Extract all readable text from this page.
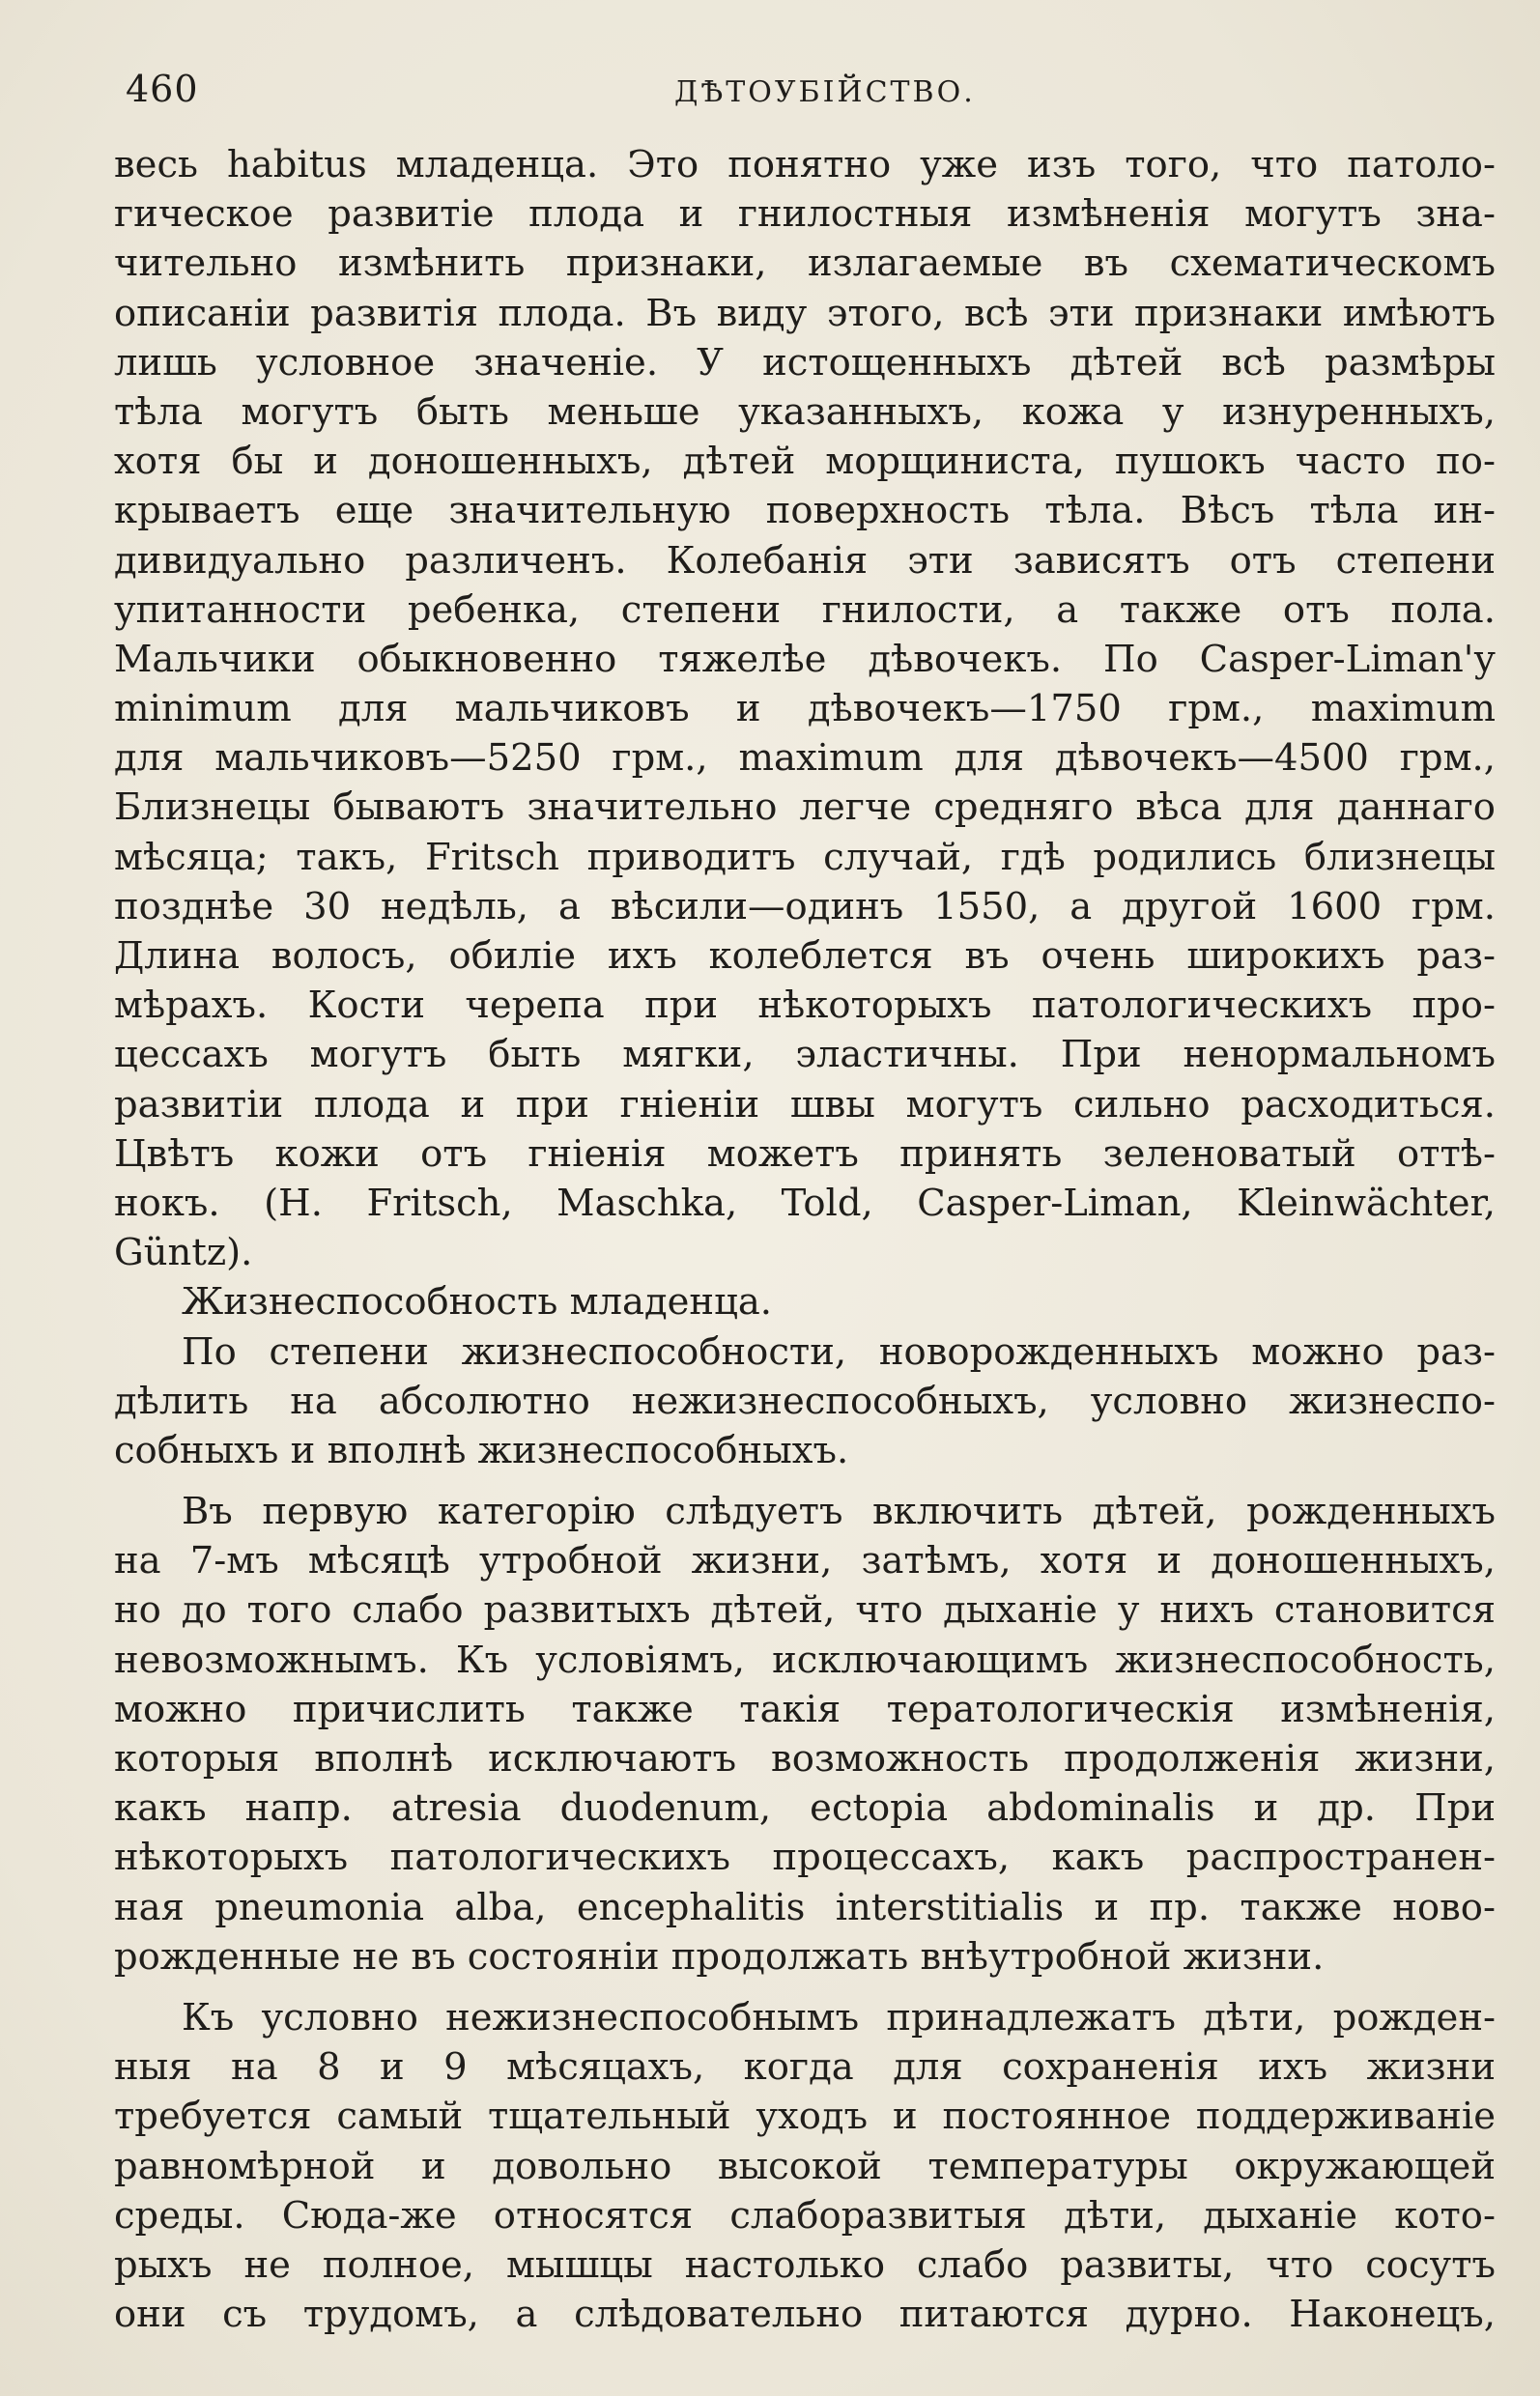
460	ДѢТОУБІЙСТВО.
весь habitus младенца. Это понятно уже изъ того, что патоло-
гическое развитіе плода и гнилостныя измѣненія могутъ зна-
чительно измѣнить признаки, излагаемые въ схематическомъ
описаніи развитія плода. Въ виду этого, всѣ эти признаки имѣютъ
лишь условное значеніе. У истощенныхъ дѣтей всѣ размѣры
тѣла могутъ быть меньше указанныхъ, кожа у изнуренныхъ,
хотя бы и доношенныхъ, дѣтей морщиниста, пушокъ часто по-
крываетъ еще значительную поверхность тѣла. Вѣсъ тѣла ин-
дивидуально различенъ. Колебанія эти зависятъ отъ степени
упитанности ребенка, степени гнилости, а также отъ пола.
Мальчики обыкновенно тяжелѣе дѣвочекъ. По Casper-Liman'у
minimum для мальчиковъ и дѣвочекъ—1750 грм., maximum
для мальчиковъ—5250 грм., maximum для дѣвочекъ—4500 грм.,
Близнецы бываютъ значительно легче средняго вѣса для даннаго
мѣсяца; такъ, Fritsch приводитъ случай, гдѣ родились близнецы
позднѣе 30 недѣль, а вѣсили—одинъ 1550, а другой 1600 грм.
Длина волосъ, обиліе ихъ колеблется въ очень широкихъ раз-
мѣрахъ. Кости черепа при нѣкоторыхъ патологическихъ про-
цессахъ могутъ быть мягки, эластичны. При ненормальномъ
развитіи плода и при гніеніи швы могутъ сильно расходиться.
Цвѣтъ кожи отъ гніенія можетъ принять зеленоватый оттѣ-
нокъ. (H. Fritsch, Maschka, Told, Casper-Liman, Kleinwächter,
Güntz).
Жизнеспособность младенца.
По степени жизнеспособности, новорожденныхъ можно раз-
дѣлить на абсолютно нежизнеспособныхъ, условно жизнеспо-
собныхъ и вполнѣ жизнеспособныхъ.
Въ первую категорію слѣдуетъ включить дѣтей, рожденныхъ
на 7-мъ мѣсяцѣ утробной жизни, затѣмъ, хотя и доношенныхъ,
но до того слабо развитыхъ дѣтей, что дыханіе у нихъ становится
невозможнымъ. Къ условіямъ, исключающимъ жизнеспособность,
можно причислить также такія тератологическія измѣненія,
которыя вполнѣ исключаютъ возможность продолженія жизни,
какъ напр. atresia duodenum, ectopia abdominalis и др. При
нѣкоторыхъ патологическихъ процессахъ, какъ распространен-
ная pneumonia alba, encephalitis interstitialis и пр. также ново-
рожденные не въ состояніи продолжать внѣутробной жизни.
Къ условно нежизнеспособнымъ принадлежатъ дѣти, рожден-
ныя на 8 и 9 мѣсяцахъ, когда для сохраненія ихъ жизни
требуется самый тщательный уходъ и постоянное поддерживаніе
равномѣрной и довольно высокой температуры окружающей
среды. Сюда-же относятся слаборазвитыя дѣти, дыханіе кото-
рыхъ не полное, мышцы настолько слабо развиты, что сосутъ
они съ трудомъ, а слѣдовательно питаются дурно. Наконецъ,
